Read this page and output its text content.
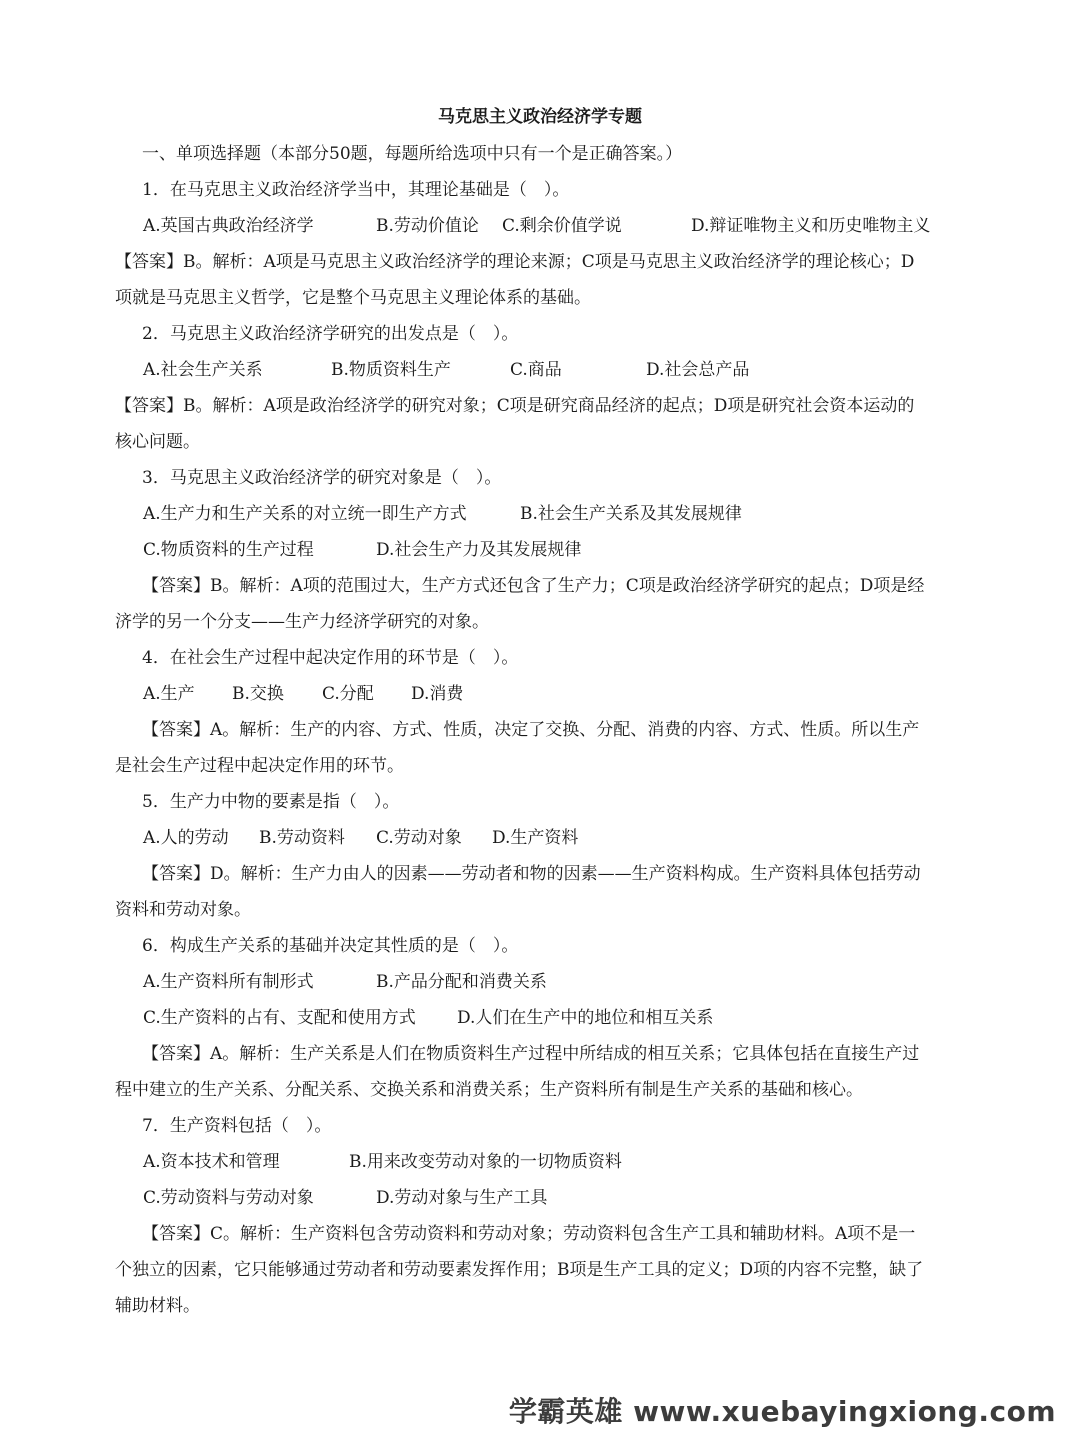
马克思主义政治经济学专题
一、单项选择题（本部分50题，每题所给选项中只有一个是正确答案。）
1．在马克思主义政治经济学当中，其理论基础是（　）。
A.英国古典政治经济学	B.劳动价值论 C.剩余价值学说	D.辩证唯物主义和历史唯物主义
【答案】B。解析：A项是马克思主义政治经济学的理论来源；C项是马克思主义政治经济学的理论核心；D
项就是马克思主义哲学，它是整个马克思主义理论体系的基础。
2．马克思主义政治经济学研究的出发点是（　）。
A.社会生产关系	B.物质资料生产	C.商品	D.社会总产品
【答案】B。解析：A项是政治经济学的研究对象；C项是研究商品经济的起点；D项是研究社会资本运动的
核心问题。
3．马克思主义政治经济学的研究对象是（　）。
A.生产力和生产关系的对立统一即生产方式	B.社会生产关系及其发展规律
C.物质资料的生产过程	D.社会生产力及其发展规律
【答案】B。解析：A项的范围过大，生产方式还包含了生产力；C项是政治经济学研究的起点；D项是经
济学的另一个分支——生产力经济学研究的对象。
4．在社会生产过程中起决定作用的环节是（　）。
A.生产 B.交换 C.分配 D.消费
【答案】A。解析：生产的内容、方式、性质，决定了交换、分配、消费的内容、方式、性质。所以生产
是社会生产过程中起决定作用的环节。
5．生产力中物的要素是指（　）。
A.人的劳动 B.劳动资料 C.劳动对象 D.生产资料
【答案】D。解析：生产力由人的因素——劳动者和物的因素——生产资料构成。生产资料具体包括劳动
资料和劳动对象。
6．构成生产关系的基础并决定其性质的是（　）。
A.生产资料所有制形式	B.产品分配和消费关系
C.生产资料的占有、支配和使用方式 D.人们在生产中的地位和相互关系
【答案】A。解析：生产关系是人们在物质资料生产过程中所结成的相互关系；它具体包括在直接生产过
程中建立的生产关系、分配关系、交换关系和消费关系；生产资料所有制是生产关系的基础和核心。
7．生产资料包括（　）。
A.资本技术和管理	B.用来改变劳动对象的一切物质资料
C.劳动资料与劳动对象	D.劳动对象与生产工具
【答案】C。解析：生产资料包含劳动资料和劳动对象；劳动资料包含生产工具和辅助材料。A项不是一
个独立的因素，它只能够通过劳动者和劳动要素发挥作用；B项是生产工具的定义；D项的内容不完整，缺了
辅助材料。
学霸英雄 www.xuebayingxiong.com
